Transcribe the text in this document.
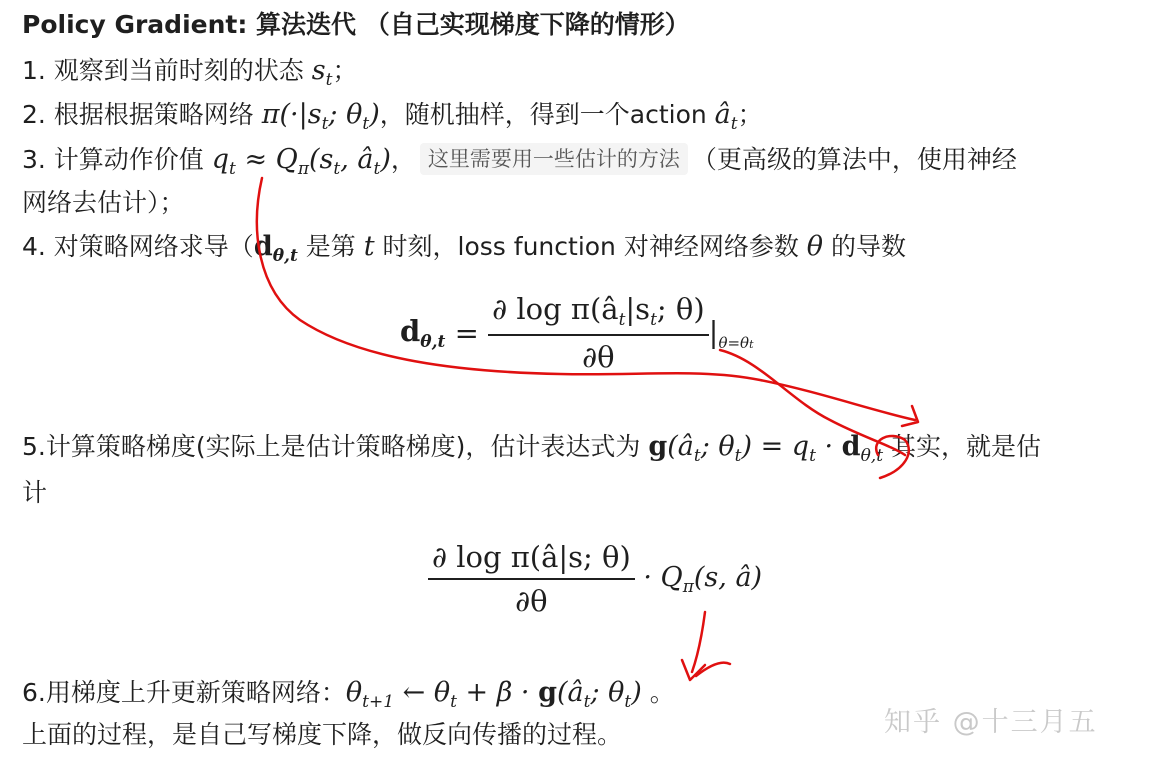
Policy Gradient: 算法迭代 （自己实现梯度下降的情形）
1. 观察到当前时刻的状态 $s_t$；
2. 根据根据策略网络 $\pi(\cdot|s_t$; $\theta_t$)，随机抽样，得到一个action $â_t$；
3. 计算动作价值 $q_t \approx Q_\pi(s_t$, $â_t$)， 这里需要用一些估计的方法 （更高级的算法中，使用神经
网络去估计）；
4. 对策略网络求导（$d_{\theta,t}$ 是第 t 时刻，loss function 对神经网络参数 θ 的导数
$d_{\theta,t} = \frac{\partial \log \pi(â_t|s_t; \theta)}{\partial\theta} |_{\theta=\theta t}$
5.计算策略梯度(实际上是估计策略梯度)，估计表达式为 $g(â_t$; $\theta_t) = q_t \cdot d_{\theta,t}$ 其实，就是估
计
$\frac{\text{∂ log π(â|s; θ)}}{\partial\theta} \cdot Q_\pi(s$, â)
6.用梯度上升更新策略网络：$\theta_{t+1}$ ← $\theta_t + \beta$ · $g(â_t$; $\theta_t$) 。
上面的过程，是自己写梯度下降，做反向传播的过程。	知乎 @十三月五
